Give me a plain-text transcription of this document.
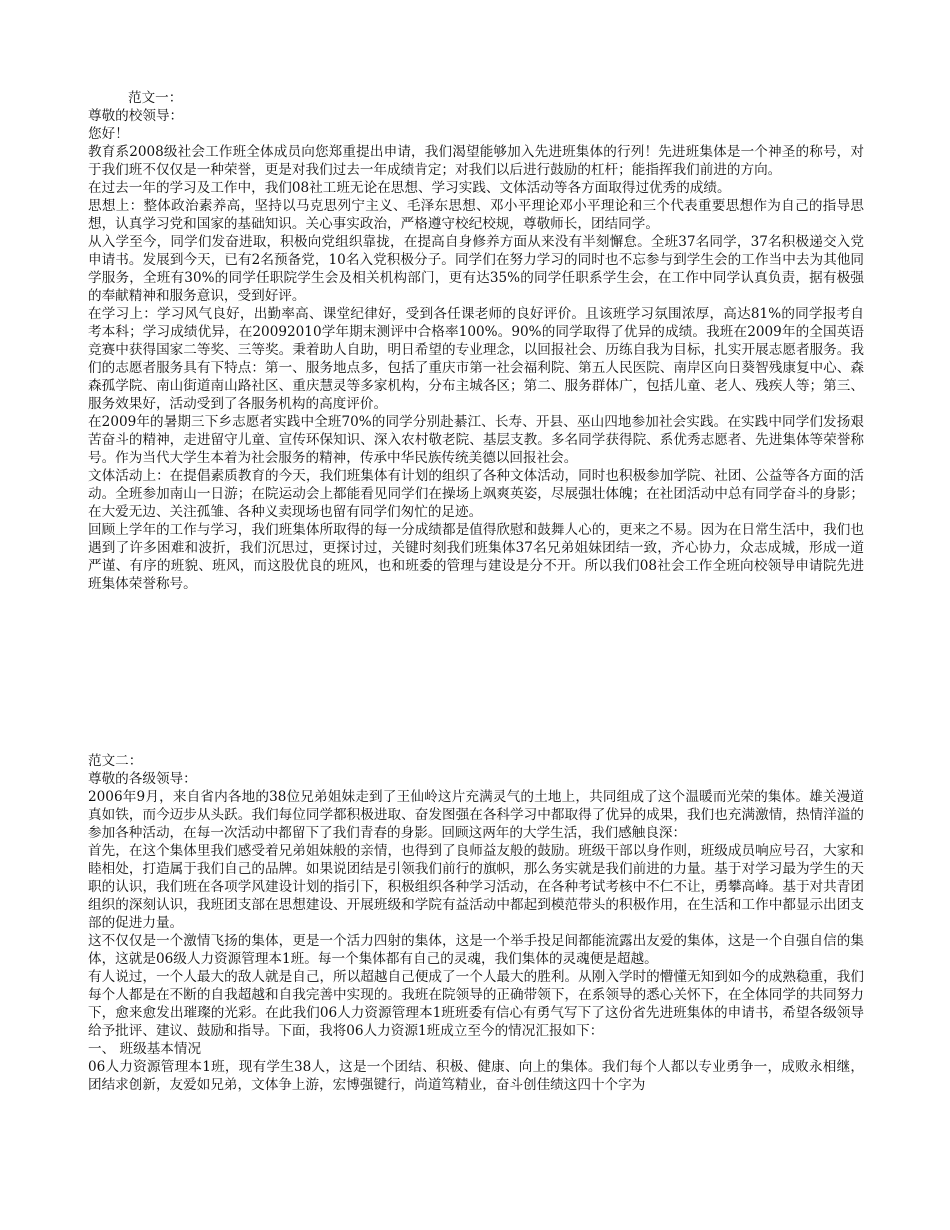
范文一：

尊敬的校领导：

您好！

教育系2008级社会工作班全体成员向您郑重提出申请，我们渴望能够加入先进班集体的行列！先进班集体是一个神圣的称号，对于我们班不仅仅是一种荣誉，更是对我们过去一年成绩肯定；对我们以后进行鼓励的杠杆；能指挥我们前进的方向。

在过去一年的学习及工作中，我们08社工班无论在思想、学习实践、文体活动等各方面取得过优秀的成绩。

思想上：整体政治素养高，坚持以马克思列宁主义、毛泽东思想、邓小平理论邓小平理论和三个代表重要思想作为自己的指导思想，认真学习党和国家的基础知识。关心事实政治，严格遵守校纪校规，尊敬师长，团结同学。

从入学至今，同学们发奋进取，积极向党组织靠拢，在提高自身修养方面从来没有半刻懈怠。全班37名同学，37名积极递交入党申请书。发展到今天，已有2名预备党，10名入党积极分子。同学们在努力学习的同时也不忘参与到学生会的工作当中去为其他同学服务，全班有30%的同学任职院学生会及相关机构部门，更有达35%的同学任职系学生会，在工作中同学认真负责，据有极强的奉献精神和服务意识，受到好评。

在学习上：学习风气良好，出勤率高、课堂纪律好，受到各任课老师的良好评价。且该班学习氛围浓厚，高达81%的同学报考自考本科；学习成绩优异，在20092010学年期末测评中合格率100%。90%的同学取得了优异的成绩。我班在2009年的全国英语竞赛中获得国家二等奖、三等奖。秉着助人自助，明日希望的专业理念，以回报社会、历练自我为目标，扎实开展志愿者服务。我们的志愿者服务具有下特点：第一、服务地点多，包括了重庆市第一社会福利院、第五人民医院、南岸区向日葵智残康复中心、森森孤学院、南山街道南山路社区、重庆慧灵等多家机构，分布主城各区；第二、服务群体广，包括儿童、老人、残疾人等；第三、服务效果好，活动受到了各服务机构的高度评价。

在2009年的暑期三下乡志愿者实践中全班70%的同学分别赴綦江、长寿、开县、巫山四地参加社会实践。在实践中同学们发扬艰苦奋斗的精神，走进留守儿童、宣传环保知识、深入农村敬老院、基层支教。多名同学获得院、系优秀志愿者、先进集体等荣誉称号。作为当代大学生本着为社会服务的精神，传承中华民族传统美德以回报社会。

文体活动上：在提倡素质教育的今天，我们班集体有计划的组织了各种文体活动，同时也积极参加学院、社团、公益等各方面的活动。全班参加南山一日游；在院运动会上都能看见同学们在操场上飒爽英姿，尽展强壮体魄；在社团活动中总有同学奋斗的身影；在大爱无边、关注孤雏、各种义卖现场也留有同学们匆忙的足迹。

回顾上学年的工作与学习，我们班集体所取得的每一分成绩都是值得欣慰和鼓舞人心的，更来之不易。因为在日常生活中，我们也遇到了许多困难和波折，我们沉思过，更探讨过，关键时刻我们班集体37名兄弟姐妹团结一致，齐心协力，众志成城，形成一道严谨、有序的班貌、班风，而这股优良的班风，也和班委的管理与建设是分不开。所以我们08社会工作全班向校领导申请院先进班集体荣誉称号。

范文二：

尊敬的各级领导：

2006年9月，来自省内各地的38位兄弟姐妹走到了王仙岭这片充满灵气的土地上，共同组成了这个温暖而光荣的集体。雄关漫道真如铁，而今迈步从头跃。我们每位同学都积极进取、奋发图强在各科学习中都取得了优异的成果，我们也充满激情，热情洋溢的参加各种活动，在每一次活动中都留下了我们青春的身影。回顾这两年的大学生活，我们感触良深：

首先，在这个集体里我们感受着兄弟姐妹般的亲情，也得到了良师益友般的鼓励。班级干部以身作则，班级成员响应号召，大家和睦相处，打造属于我们自己的品牌。如果说团结是引领我们前行的旗帜，那么务实就是我们前进的力量。基于对学习最为学生的天职的认识，我们班在各项学风建设计划的指引下，积极组织各种学习活动，在各种考试考核中不仁不让，勇攀高峰。基于对共青团组织的深刻认识，我班团支部在思想建设、开展班级和学院有益活动中都起到模范带头的积极作用，在生活和工作中都显示出团支部的促进力量。

这不仅仅是一个激情飞扬的集体，更是一个活力四射的集体，这是一个举手投足间都能流露出友爱的集体，这是一个自强自信的集体，这就是06级人力资源管理本1班。每一个集体都有自己的灵魂，我们集体的灵魂便是超越。

有人说过，一个人最大的敌人就是自己，所以超越自己便成了一个人最大的胜利。从刚入学时的懵懂无知到如今的成熟稳重，我们每个人都是在不断的自我超越和自我完善中实现的。我班在院领导的正确带领下，在系领导的悉心关怀下，在全体同学的共同努力下，愈来愈发出璀璨的光彩。在此我们06人力资源管理本1班班委有信心有勇气写下了这份省先进班集体的申请书，希望各级领导给予批评、建议、鼓励和指导。下面，我将06人力资源1班成立至今的情况汇报如下：

一、 班级基本情况

06人力资源管理本1班，现有学生38人，这是一个团结、积极、健康、向上的集体。我们每个人都以专业勇争一，成败永相继，团结求创新，友爱如兄弟，文体争上游，宏博强键行，尚道笃精业，奋斗创佳绩这四十个字为
